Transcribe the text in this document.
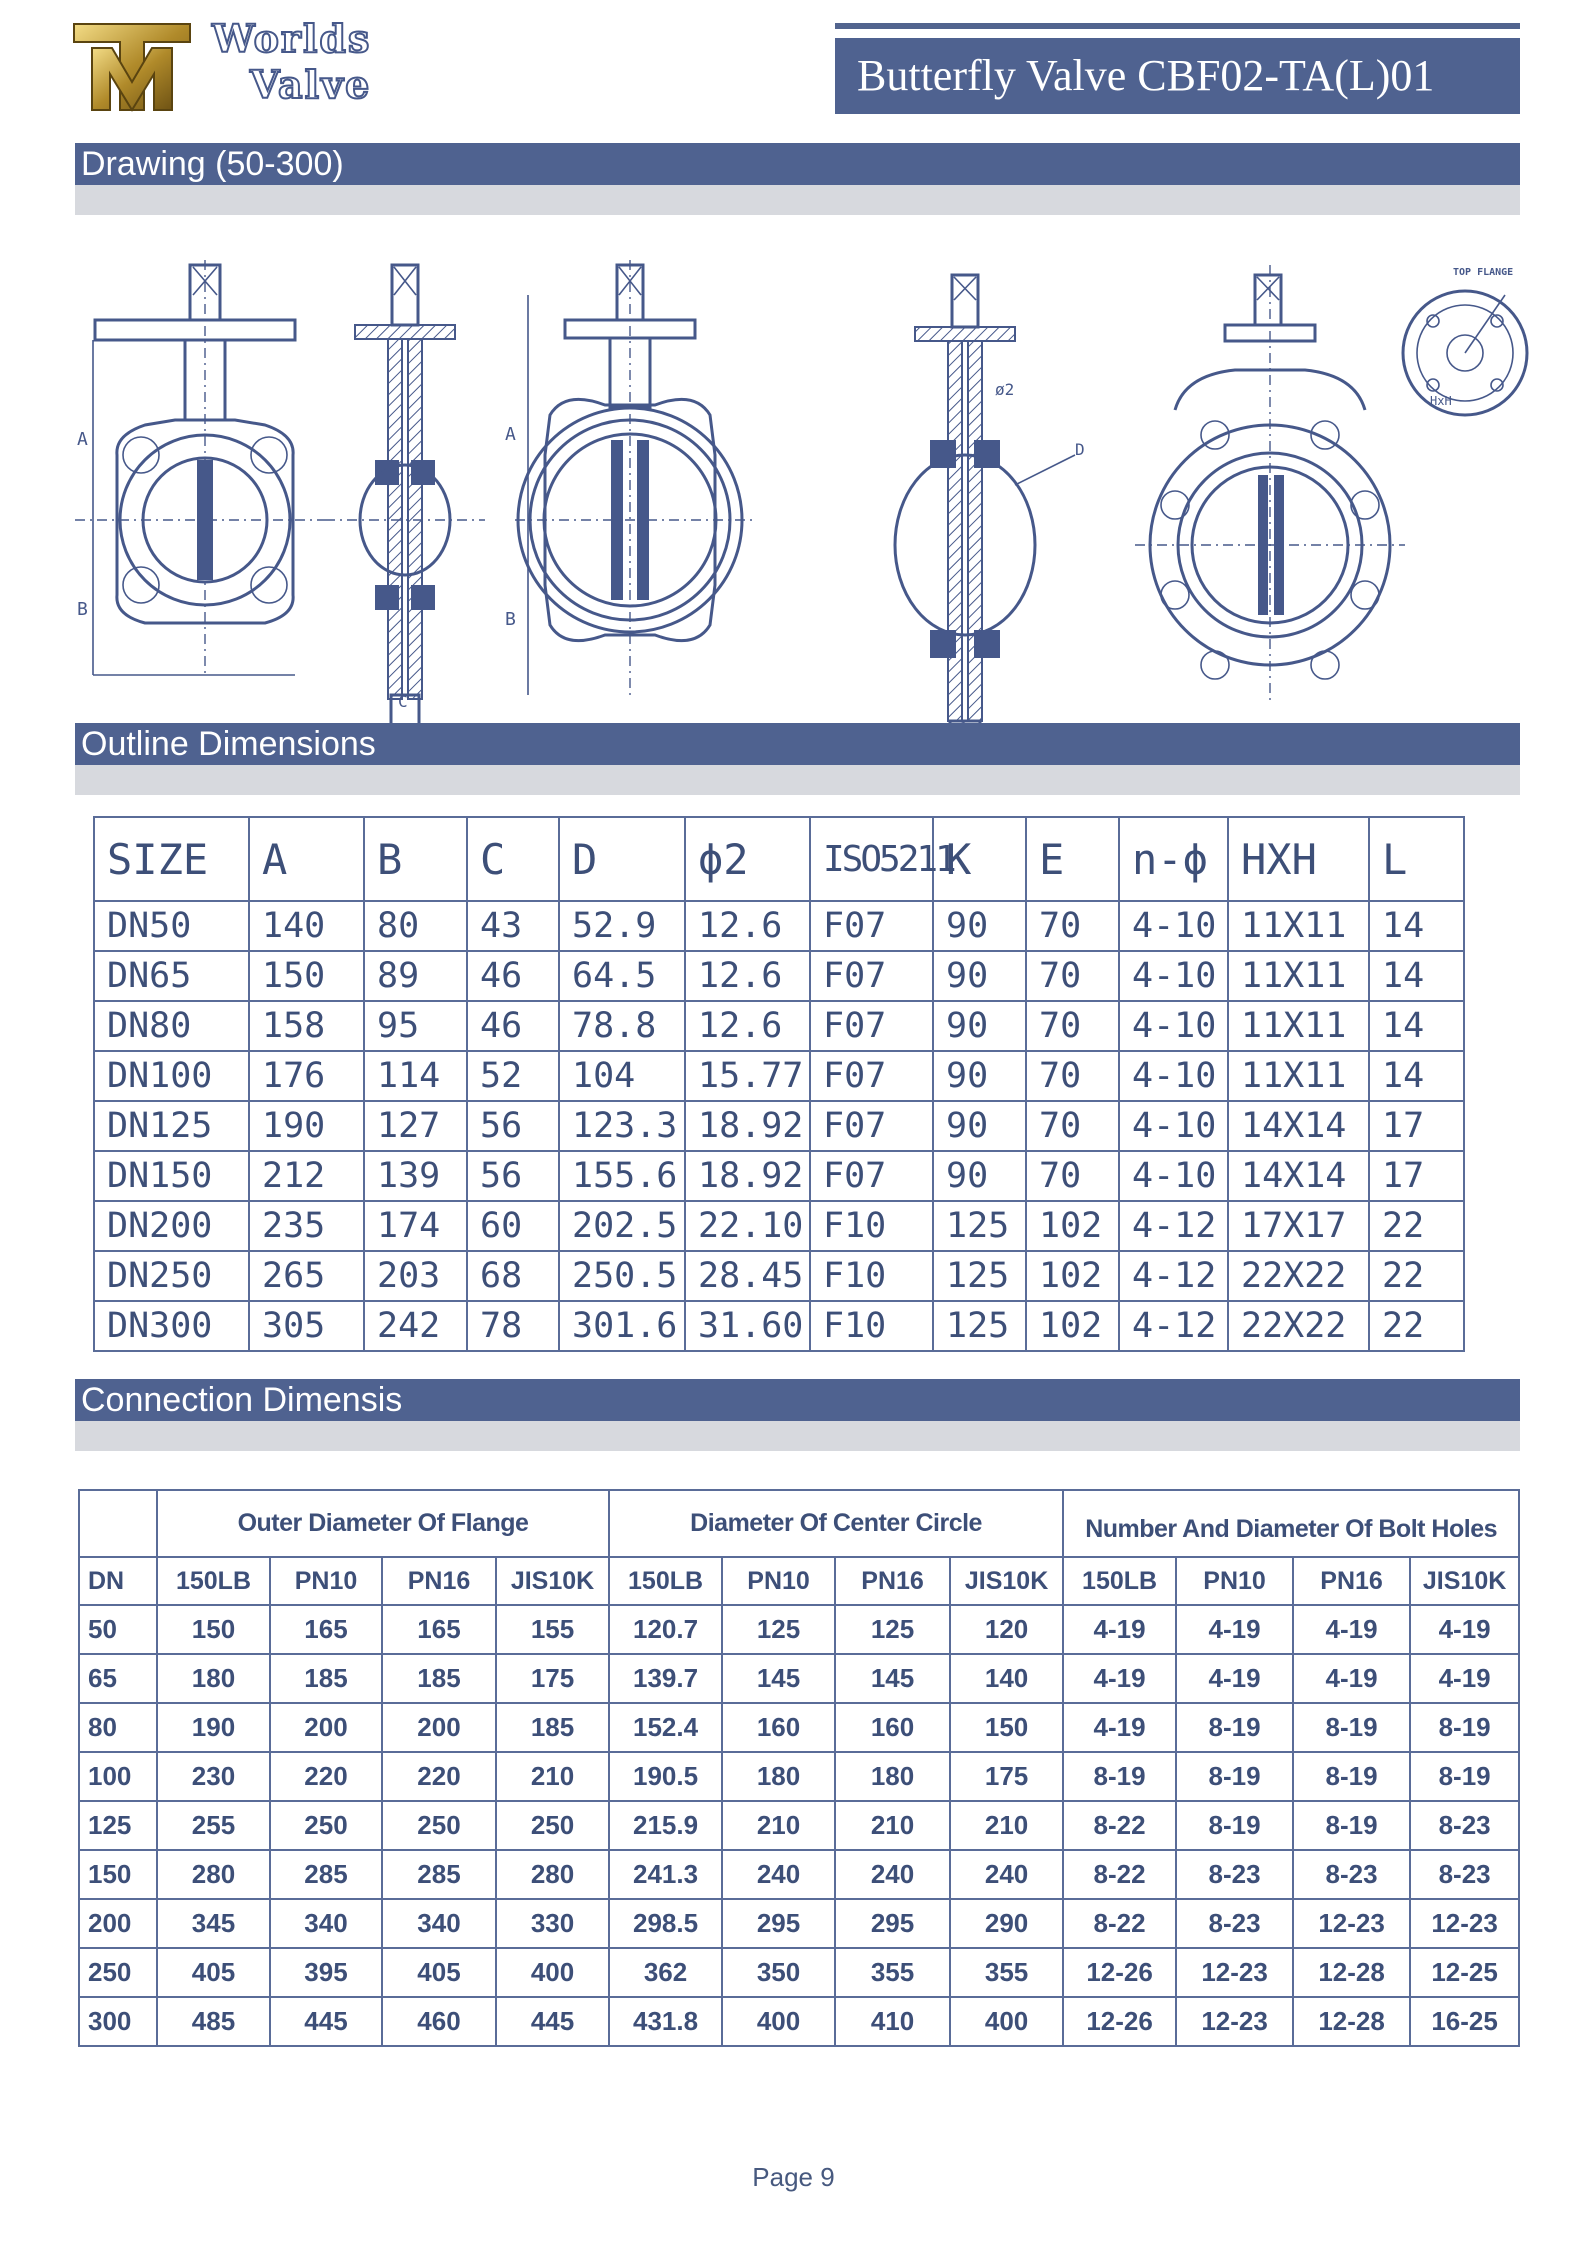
Worlds
Valve	Butterfly Valve CBF02-TA(L)01
Drawing (50-300)
A
B
C
A
B
ø2
D
TOP FLANGE
HxH
Outline Dimensions
SIZE	A	B	C	D	ϕ2	ISO5211	K	E	n-ϕ	HXH	L
DN50	140	80	43	52.9	12.6	F07	90	70	4-10	11X11	14
DN65	150	89	46	64.5	12.6	F07	90	70	4-10	11X11	14
DN80	158	95	46	78.8	12.6	F07	90	70	4-10	11X11	14
DN100	176	114	52	104	15.77	F07	90	70	4-10	11X11	14
DN125	190	127	56	123.3	18.92	F07	90	70	4-10	14X14	17
DN150	212	139	56	155.6	18.92	F07	90	70	4-10	14X14	17
DN200	235	174	60	202.5	22.10	F10	125	102	4-12	17X17	22
DN250	265	203	68	250.5	28.45	F10	125	102	4-12	22X22	22
DN300	305	242	78	301.6	31.60	F10	125	102	4-12	22X22	22
Connection Dimensis
	Outer Diameter Of Flange				Diameter Of Center Circle				Number And Diameter Of Bolt Holes			
DN	150LB	PN10	PN16	JIS10K	150LB	PN10	PN16	JIS10K	150LB	PN10	PN16	JIS10K
50	150	165	165	155	120.7	125	125	120	4-19	4-19	4-19	4-19
65	180	185	185	175	139.7	145	145	140	4-19	4-19	4-19	4-19
80	190	200	200	185	152.4	160	160	150	4-19	8-19	8-19	8-19
100	230	220	220	210	190.5	180	180	175	8-19	8-19	8-19	8-19
125	255	250	250	250	215.9	210	210	210	8-22	8-19	8-19	8-23
150	280	285	285	280	241.3	240	240	240	8-22	8-23	8-23	8-23
200	345	340	340	330	298.5	295	295	290	8-22	8-23	12-23	12-23
250	405	395	405	400	362	350	355	355	12-26	12-23	12-28	12-25
300	485	445	460	445	431.8	400	410	400	12-26	12-23	12-28	16-25
Page 9
